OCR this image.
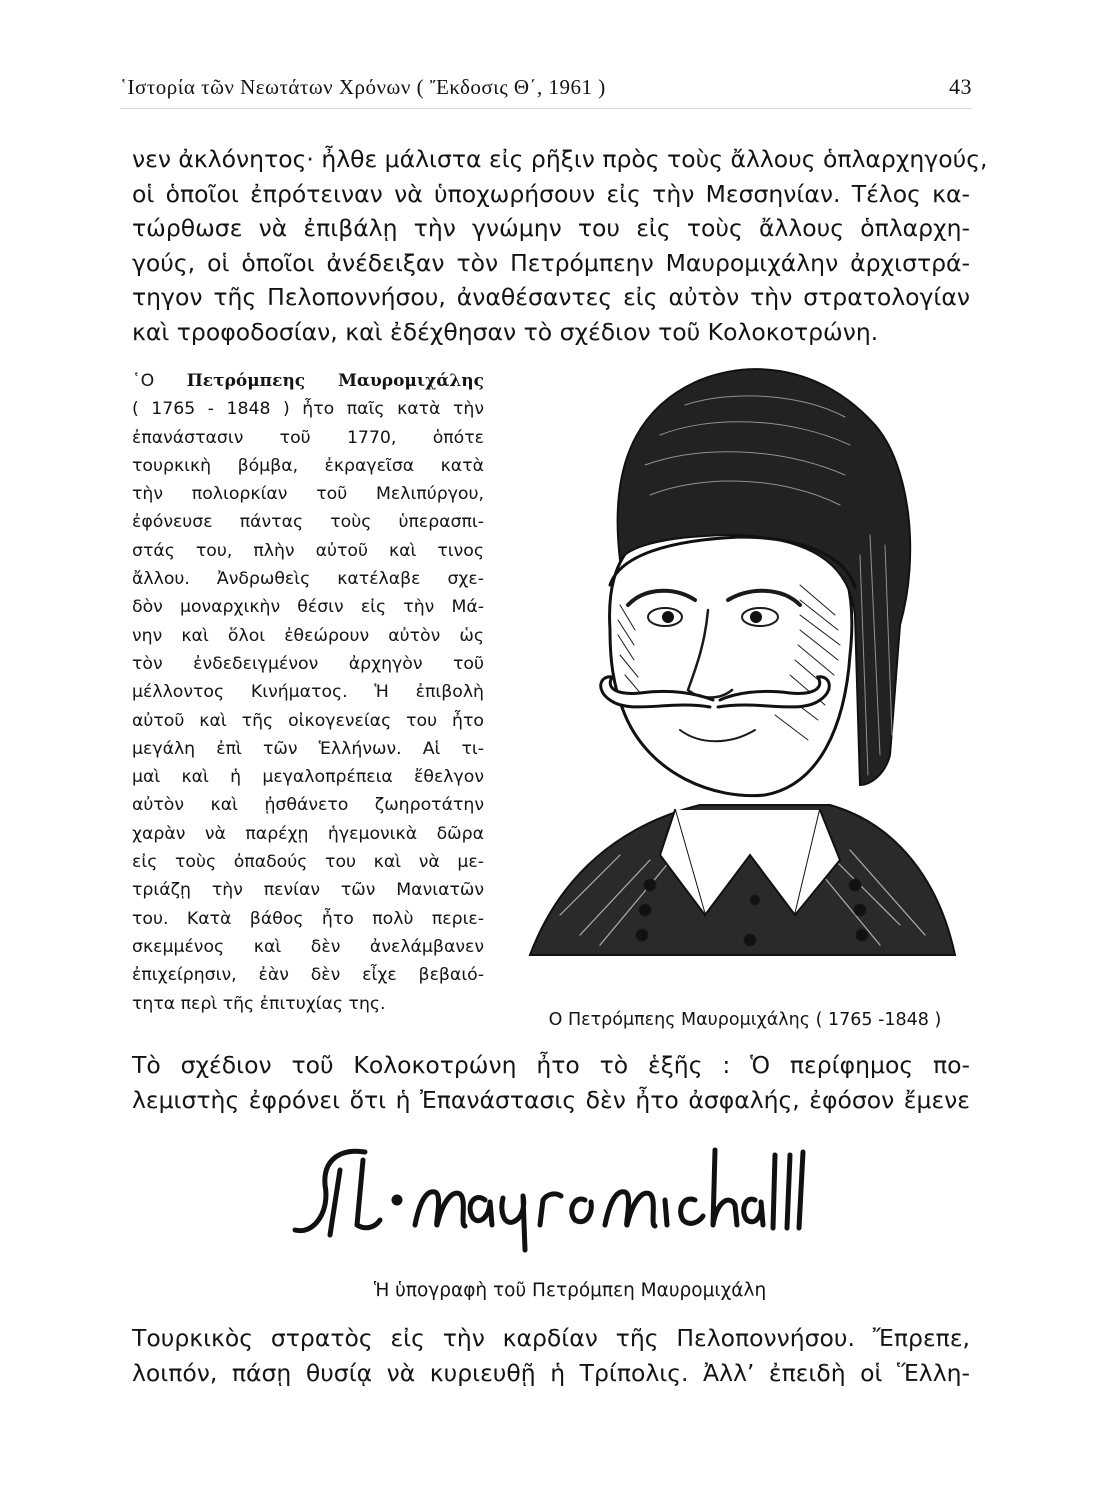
῾Ιστορία τῶν Νεωτάτων Χρόνων ( Ἔκδοσις Θ΄, 1961 )	43
νεν ἀκλόνητος· ἦλθε μάλιστα εἰς ρῆξιν πρὸς τοὺς ἄλλους ὁπλαρχηγούς,
οἱ ὁποῖοι ἐπρότειναν νὰ ὑποχωρήσουν εἰς τὴν Μεσσηνίαν. Τέλος κα-
τώρθωσε νὰ ἐπιβάλῃ τὴν γνώμην του εἰς τοὺς ἄλλους ὁπλαρχη-
γούς, οἱ ὁποῖοι ἀνέδειξαν τὸν Πετρόμπεην Μαυρομιχάλην ἀρχιστρά-
τηγον τῆς Πελοποννήσου, ἀναθέσαντες εἰς αὐτὸν τὴν στρατολογίαν
καὶ τροφοδοσίαν, καὶ ἐδέχθησαν τὸ σχέδιον τοῦ Κολοκοτρώνη.
῾Ο Πετρόμπεης Μαυρομιχάλης
( 1765 - 1848 ) ἦτο παῖς κατὰ τὴν
ἐπανάστασιν τοῦ 1770, ὁπότε
τουρκικὴ βόμβα, ἐκραγεῖσα κατὰ
τὴν πολιορκίαν τοῦ Μελιπύργου,
ἐφόνευσε πάντας τοὺς ὑπερασπι-
στάς του, πλὴν αὐτοῦ καὶ τινος
ἄλλου. Ἀνδρωθεὶς κατέλαβε σχε-
δὸν μοναρχικὴν θέσιν εἰς τὴν Μά-
νην καὶ ὅλοι ἐθεώρουν αὐτὸν ὡς
τὸν ἐνδεδειγμένον ἀρχηγὸν τοῦ
μέλλοντος Κινήματος. Ἡ ἐπιβολὴ
αὐτοῦ καὶ τῆς οἰκογενείας του ἦτο
μεγάλη ἐπὶ τῶν Ἑλλήνων. Αἱ τι-
μαὶ καὶ ἡ μεγαλοπρέπεια ἔθελγον
αὐτὸν καὶ ᾐσθάνετο ζωηροτάτην
χαρὰν νὰ παρέχῃ ἡγεμονικὰ δῶρα
εἰς τοὺς ὀπαδούς του καὶ νὰ με-
τριάζῃ τὴν πενίαν τῶν Μανιατῶν
του. Κατὰ βάθος ἦτο πολὺ περιε-
σκεμμένος καὶ δὲν ἀνελάμβανεν
ἐπιχείρησιν, ἐὰν δὲν εἶχε βεβαιό-
τητα περὶ τῆς ἐπιτυχίας της.
Ο Πετρόμπεης Μαυρομιχάλης ( 1765 -1848 )
Τὸ σχέδιον τοῦ Κολοκοτρώνη ἦτο τὸ ἑξῆς : Ὁ περίφημος πο-
λεμιστὴς ἐφρόνει ὅτι ἡ Ἐπανάστασις δὲν ἦτο ἀσφαλής, ἐφόσον ἔμενε
Ἡ ὑπογραφὴ τοῦ Πετρόμπεη Μαυρομιχάλη
Τουρκικὸς στρατὸς εἰς τὴν καρδίαν τῆς Πελοποννήσου. Ἔπρεπε,
λοιπόν, πάσῃ θυσίᾳ νὰ κυριευθῇ ἡ Τρίπολις. Ἀλλ’ ἐπειδὴ οἱ Ἕλλη-
